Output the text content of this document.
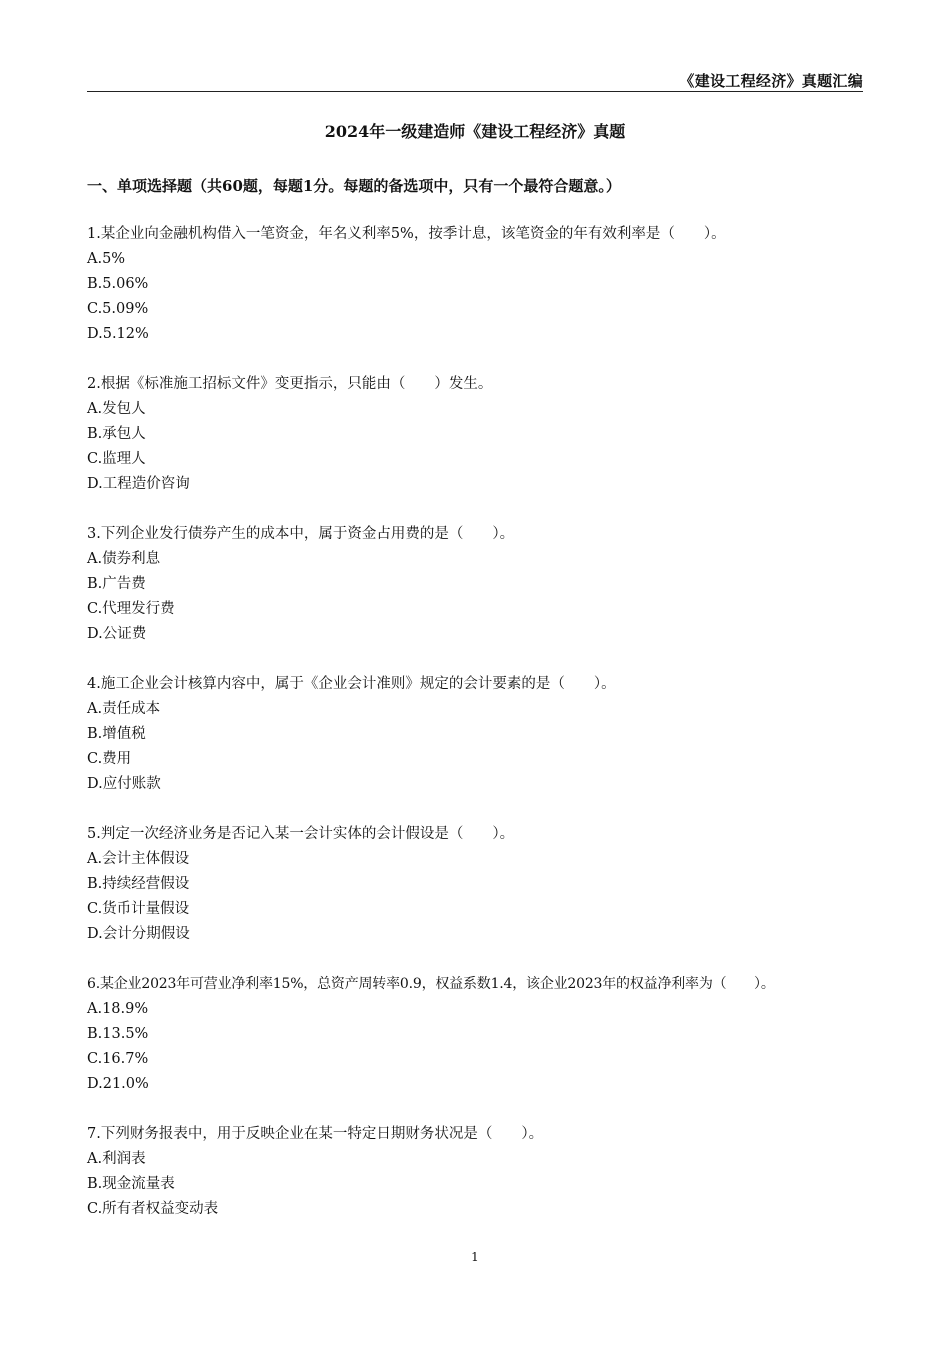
《建设工程经济》真题汇编
2024年一级建造师《建设工程经济》真题
一、单项选择题（共60题，每题1分。每题的备选项中，只有一个最符合题意。）
1.某企业向金融机构借入一笔资金，年名义利率5%，按季计息，该笔资金的年有效利率是（　　）。
A.5%
B.5.06%
C.5.09%
D.5.12%
2.根据《标准施工招标文件》变更指示，只能由（　　）发生。
A.发包人
B.承包人
C.监理人
D.工程造价咨询
3.下列企业发行债券产生的成本中，属于资金占用费的是（　　）。
A.债券利息
B.广告费
C.代理发行费
D.公证费
4.施工企业会计核算内容中，属于《企业会计准则》规定的会计要素的是（　　）。
A.责任成本
B.增值税
C.费用
D.应付账款
5.判定一次经济业务是否记入某一会计实体的会计假设是（　　）。
A.会计主体假设
B.持续经营假设
C.货币计量假设
D.会计分期假设
6.某企业2023年可营业净利率15%，总资产周转率0.9，权益系数1.4，该企业2023年的权益净利率为（　　）。
A.18.9%
B.13.5%
C.16.7%
D.21.0%
7.下列财务报表中，用于反映企业在某一特定日期财务状况是（　　）。
A.利润表
B.现金流量表
C.所有者权益变动表
1
